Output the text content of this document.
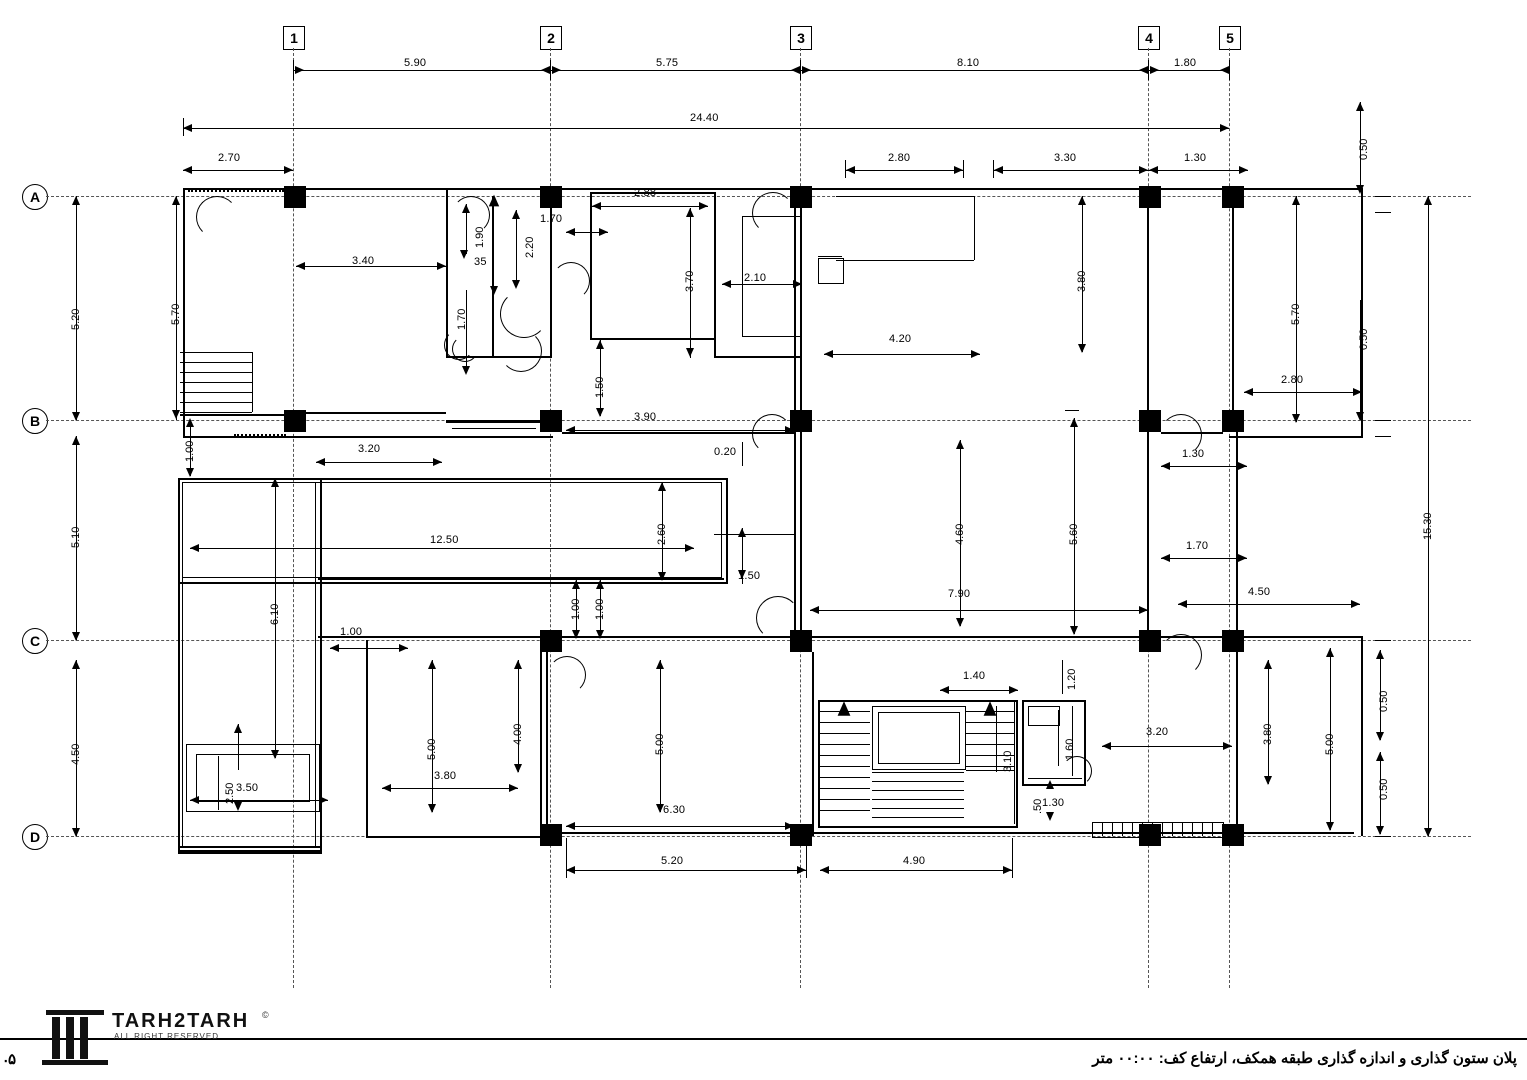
1	2	3	4	5
A
B
C
D
5.90	5.75	8.10	1.80
24.40
2.70	2.80	3.30	1.30	0.50
5.20
5.10
4.50
5.70
1.00
6.10
3.40
3.20
12.50	2.60
1.50
1.00
1.00
1.00
3.90
0.20
1.50
2.88
1.70
1.90	2.20
35
1.70
3.70	2.10
4.20
3.80
5.70
0.50
2.80
15.30
1.30
1.70
4.50
4.60	5.60
7.90
1.40	1.20
1.60
3.10
.50
1.30
3.20	3.80	5.00
0.50
0.50
5.00
4.00
3.80
5.00
6.30
2.50 3.50
5.20	4.90
۵
۰	پلان ستون گذاری و اندازه گذاری طبقه همکف، ارتفاع کف: ۰۰:۰۰ متر
TARH2TARH
ALL RIGHT RESERVED
©
